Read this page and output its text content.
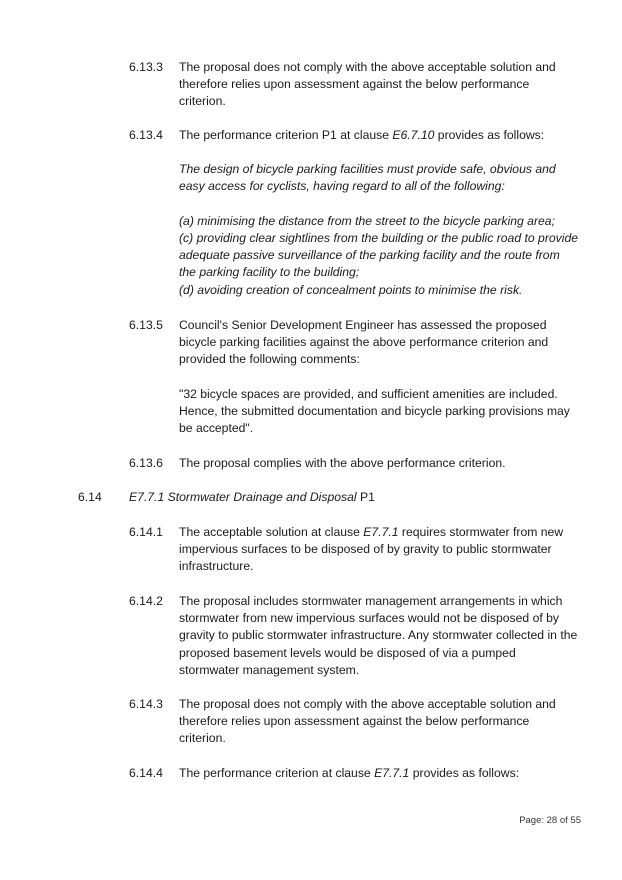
6.13.3 The proposal does not comply with the above acceptable solution and therefore relies upon assessment against the below performance criterion.
6.13.4 The performance criterion P1 at clause E6.7.10 provides as follows:
The design of bicycle parking facilities must provide safe, obvious and easy access for cyclists, having regard to all of the following:
(a) minimising the distance from the street to the bicycle parking area;
(c) providing clear sightlines from the building or the public road to provide adequate passive surveillance of the parking facility and the route from the parking facility to the building;
(d) avoiding creation of concealment points to minimise the risk.
6.13.5 Council's Senior Development Engineer has assessed the proposed bicycle parking facilities against the above performance criterion and provided the following comments:
"32 bicycle spaces are provided, and sufficient amenities are included. Hence, the submitted documentation and bicycle parking provisions may be accepted".
6.13.6 The proposal complies with the above performance criterion.
6.14 E7.7.1 Stormwater Drainage and Disposal P1
6.14.1 The acceptable solution at clause E7.7.1 requires stormwater from new impervious surfaces to be disposed of by gravity to public stormwater infrastructure.
6.14.2 The proposal includes stormwater management arrangements in which stormwater from new impervious surfaces would not be disposed of by gravity to public stormwater infrastructure. Any stormwater collected in the proposed basement levels would be disposed of via a pumped stormwater management system.
6.14.3 The proposal does not comply with the above acceptable solution and therefore relies upon assessment against the below performance criterion.
6.14.4 The performance criterion at clause E7.7.1 provides as follows:
Page: 28 of 55
